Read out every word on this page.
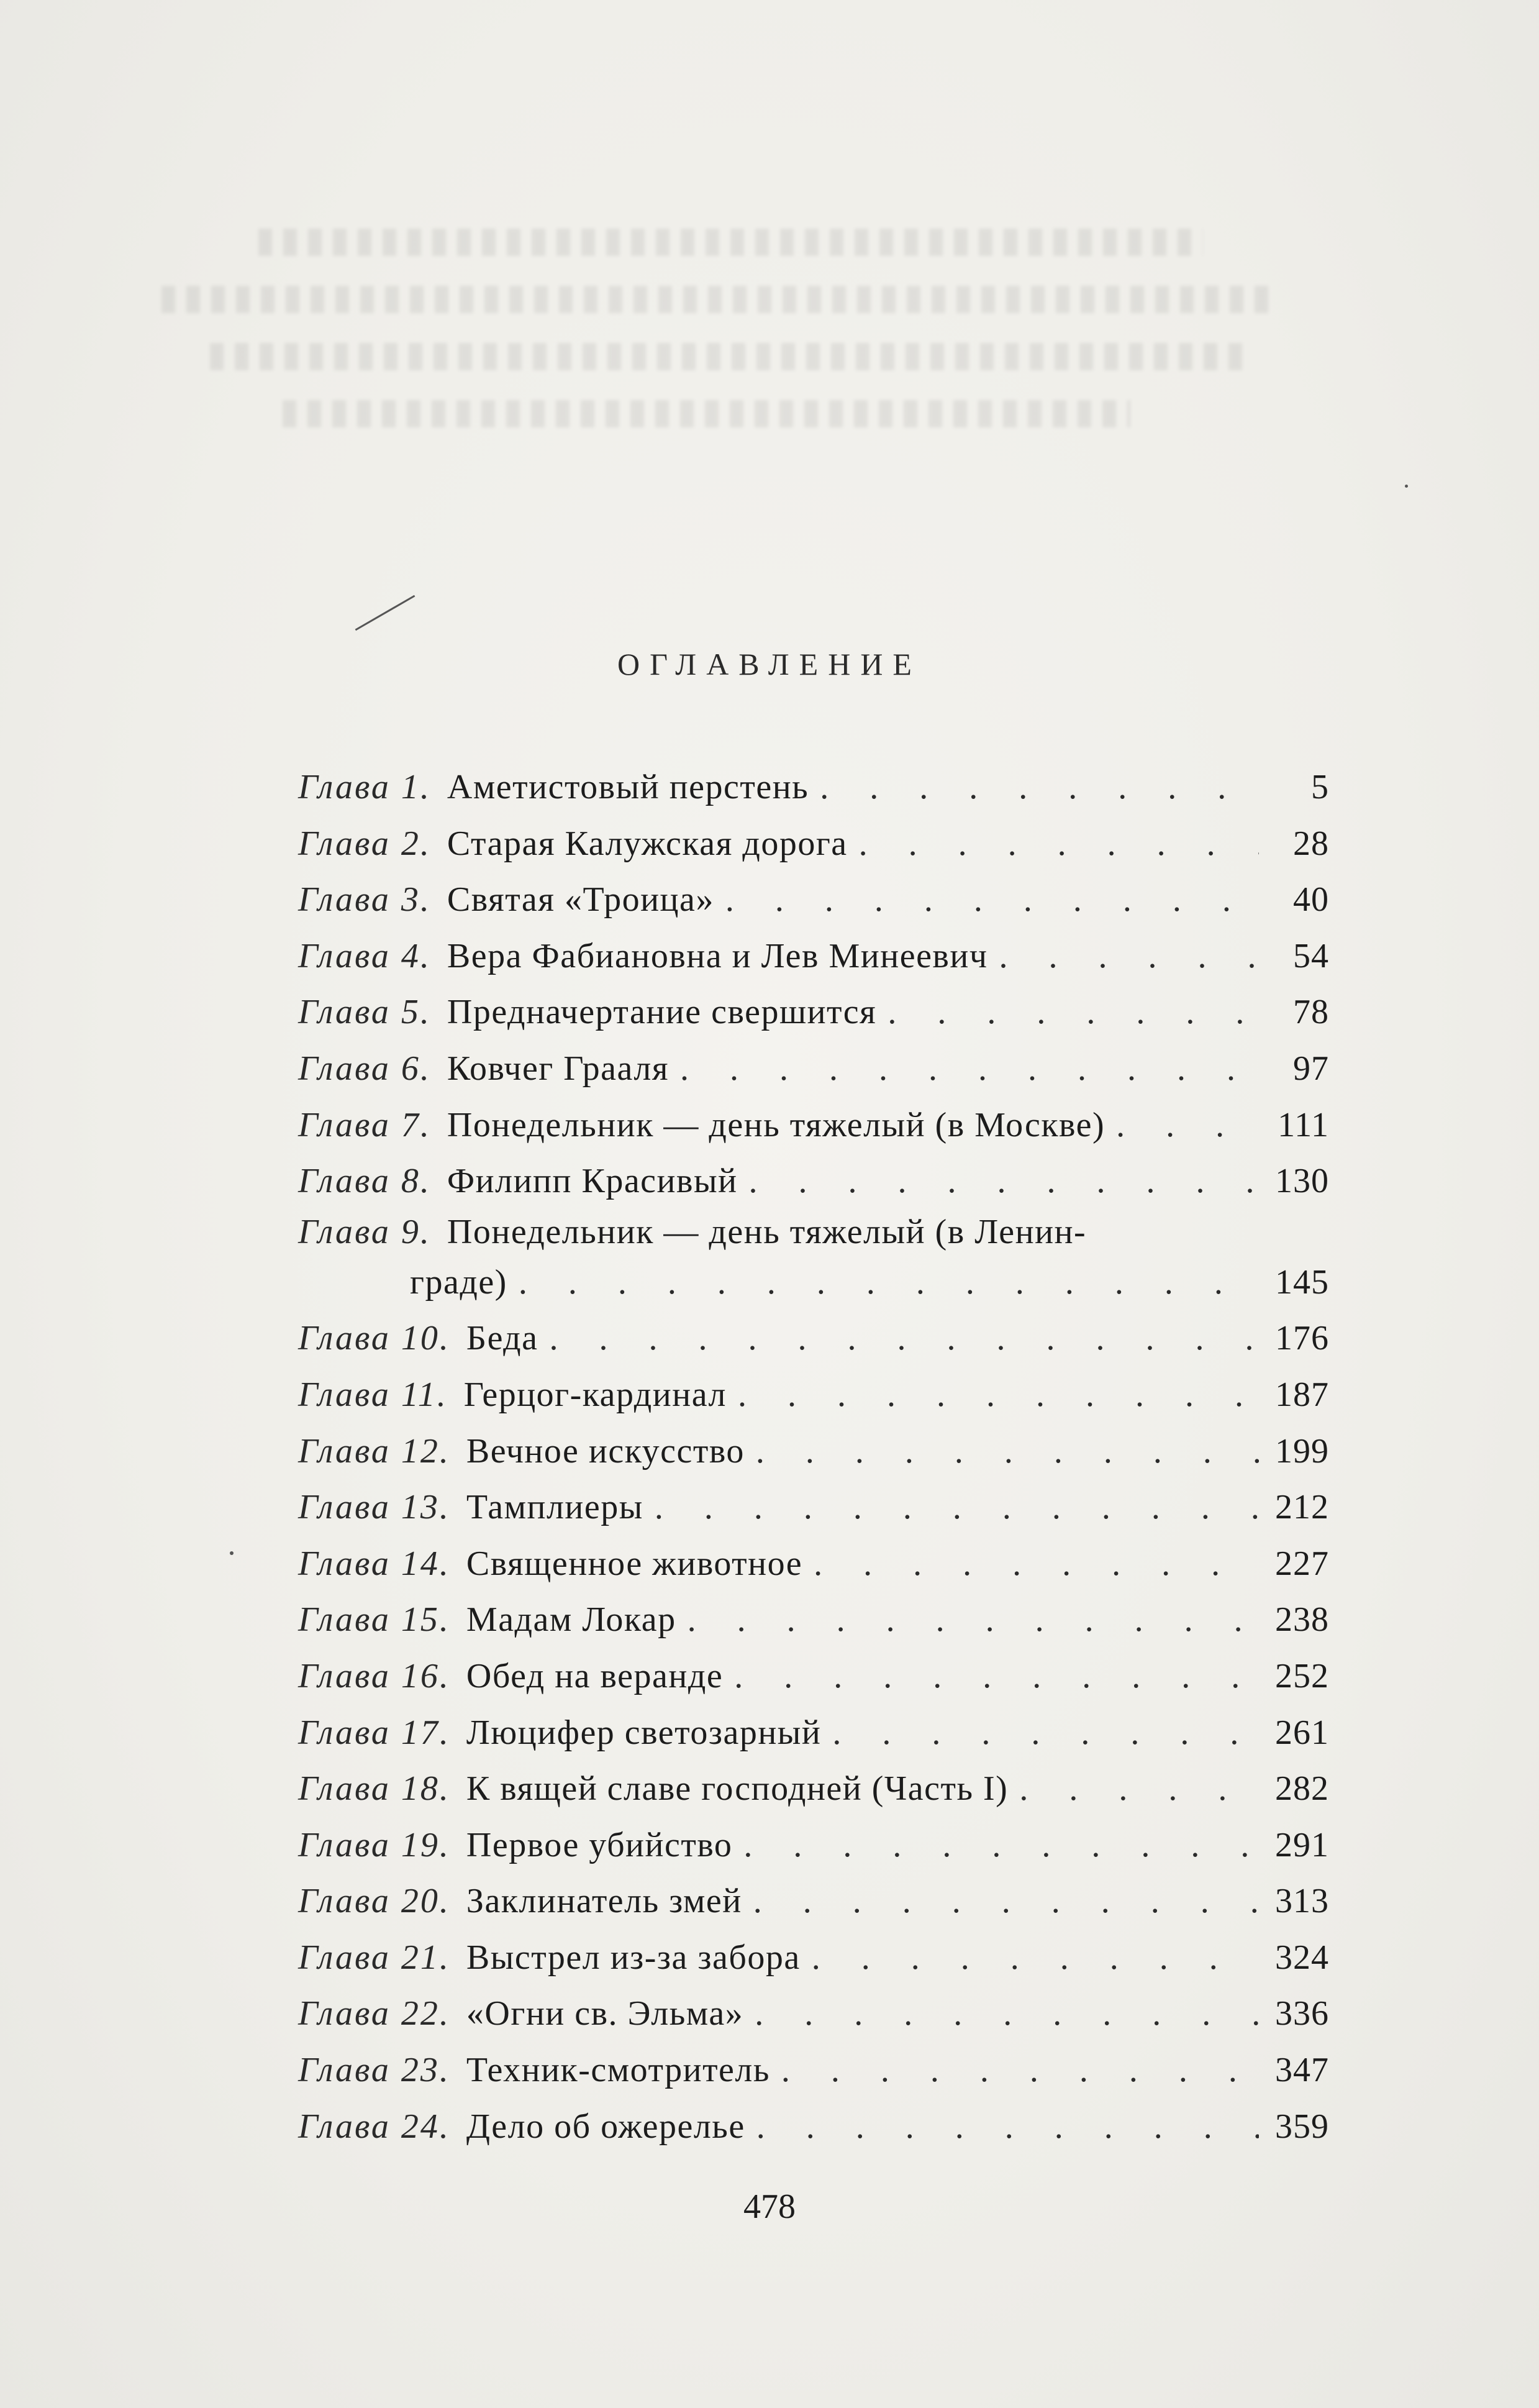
ОГЛАВЛЕНИЕ
Глава 1. Аметистовый перстень . . .	5
Глава 2. Старая Калужская дорога . . .	28
Глава 3. Святая «Троица» . . .	40
Глава 4. Вера Фабиановна и Лев Минеевич . . .	54
Глава 5. Предначертание свершится . . .	78
Глава 6. Ковчег Грааля . . .	97
Глава 7. Понедельник — день тяжелый (в Москве) . . .	111
Глава 8. Филипп Красивый . . .	130
Глава 9. Понедельник — день тяжелый (в Ленин-
граде) . . .	145
Глава 10. Беда . . .	176
Глава 11. Герцог-кардинал . . .	187
Глава 12. Вечное искусство . . .	199
Глава 13. Тамплиеры . . .	212
Глава 14. Священное животное . . .	227
Глава 15. Мадам Локар . . .	238
Глава 16. Обед на веранде . . .	252
Глава 17. Люцифер светозарный . . .	261
Глава 18. К вящей славе господней (Часть I) . . .	282
Глава 19. Первое убийство . . .	291
Глава 20. Заклинатель змей . . .	313
Глава 21. Выстрел из-за забора . . .	324
Глава 22. «Огни св. Эльма» . . .	336
Глава 23. Техник-смотритель . . .	347
Глава 24. Дело об ожерелье . . .	359
478
